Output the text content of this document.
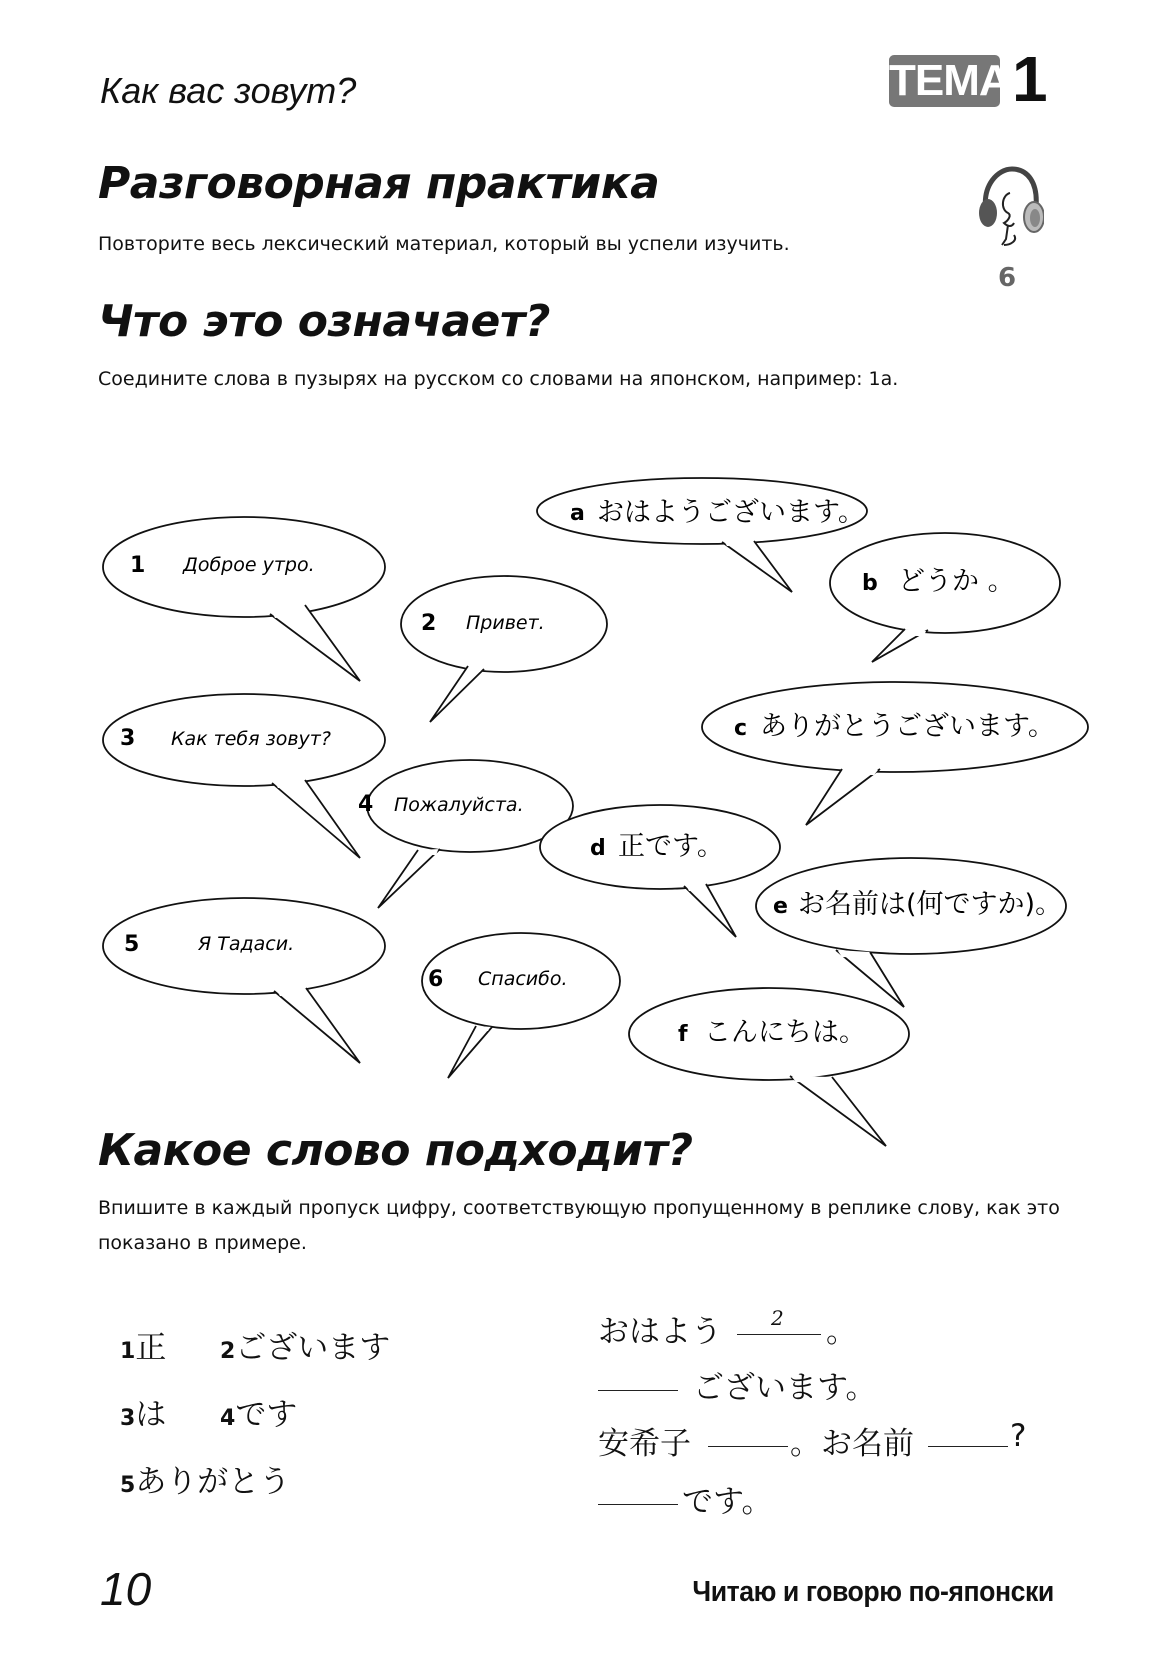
Как вас зовут?	ТЕМА 1
Разговорная практика
Повторите весь лексический материал, который вы успели изучить.
6
Что это означает?
Соедините слова в пузырях на русском со словами на японском, например: 1а.
1 Доброе утро.
2 Привет.
3 Как тебя зовут?
4 Пожалуйста.
5	Я Тадаси.
6 Спасибо.
a おはようございます。
b どうか 。
c ありがとうございます。
d 正です。
e お名前は(何ですか)。
f こんにちは。
Какое слово подходит?
Впишите в каждый пропуск цифру, соответствующую пропущенному в реплике слову, как это
показано в примере.
1正 2ございます
3は 4です
5ありがとう
おはよう 2 。
ございます。
安希子	。お名前	?
です。
10	Читаю и говорю по-японски
